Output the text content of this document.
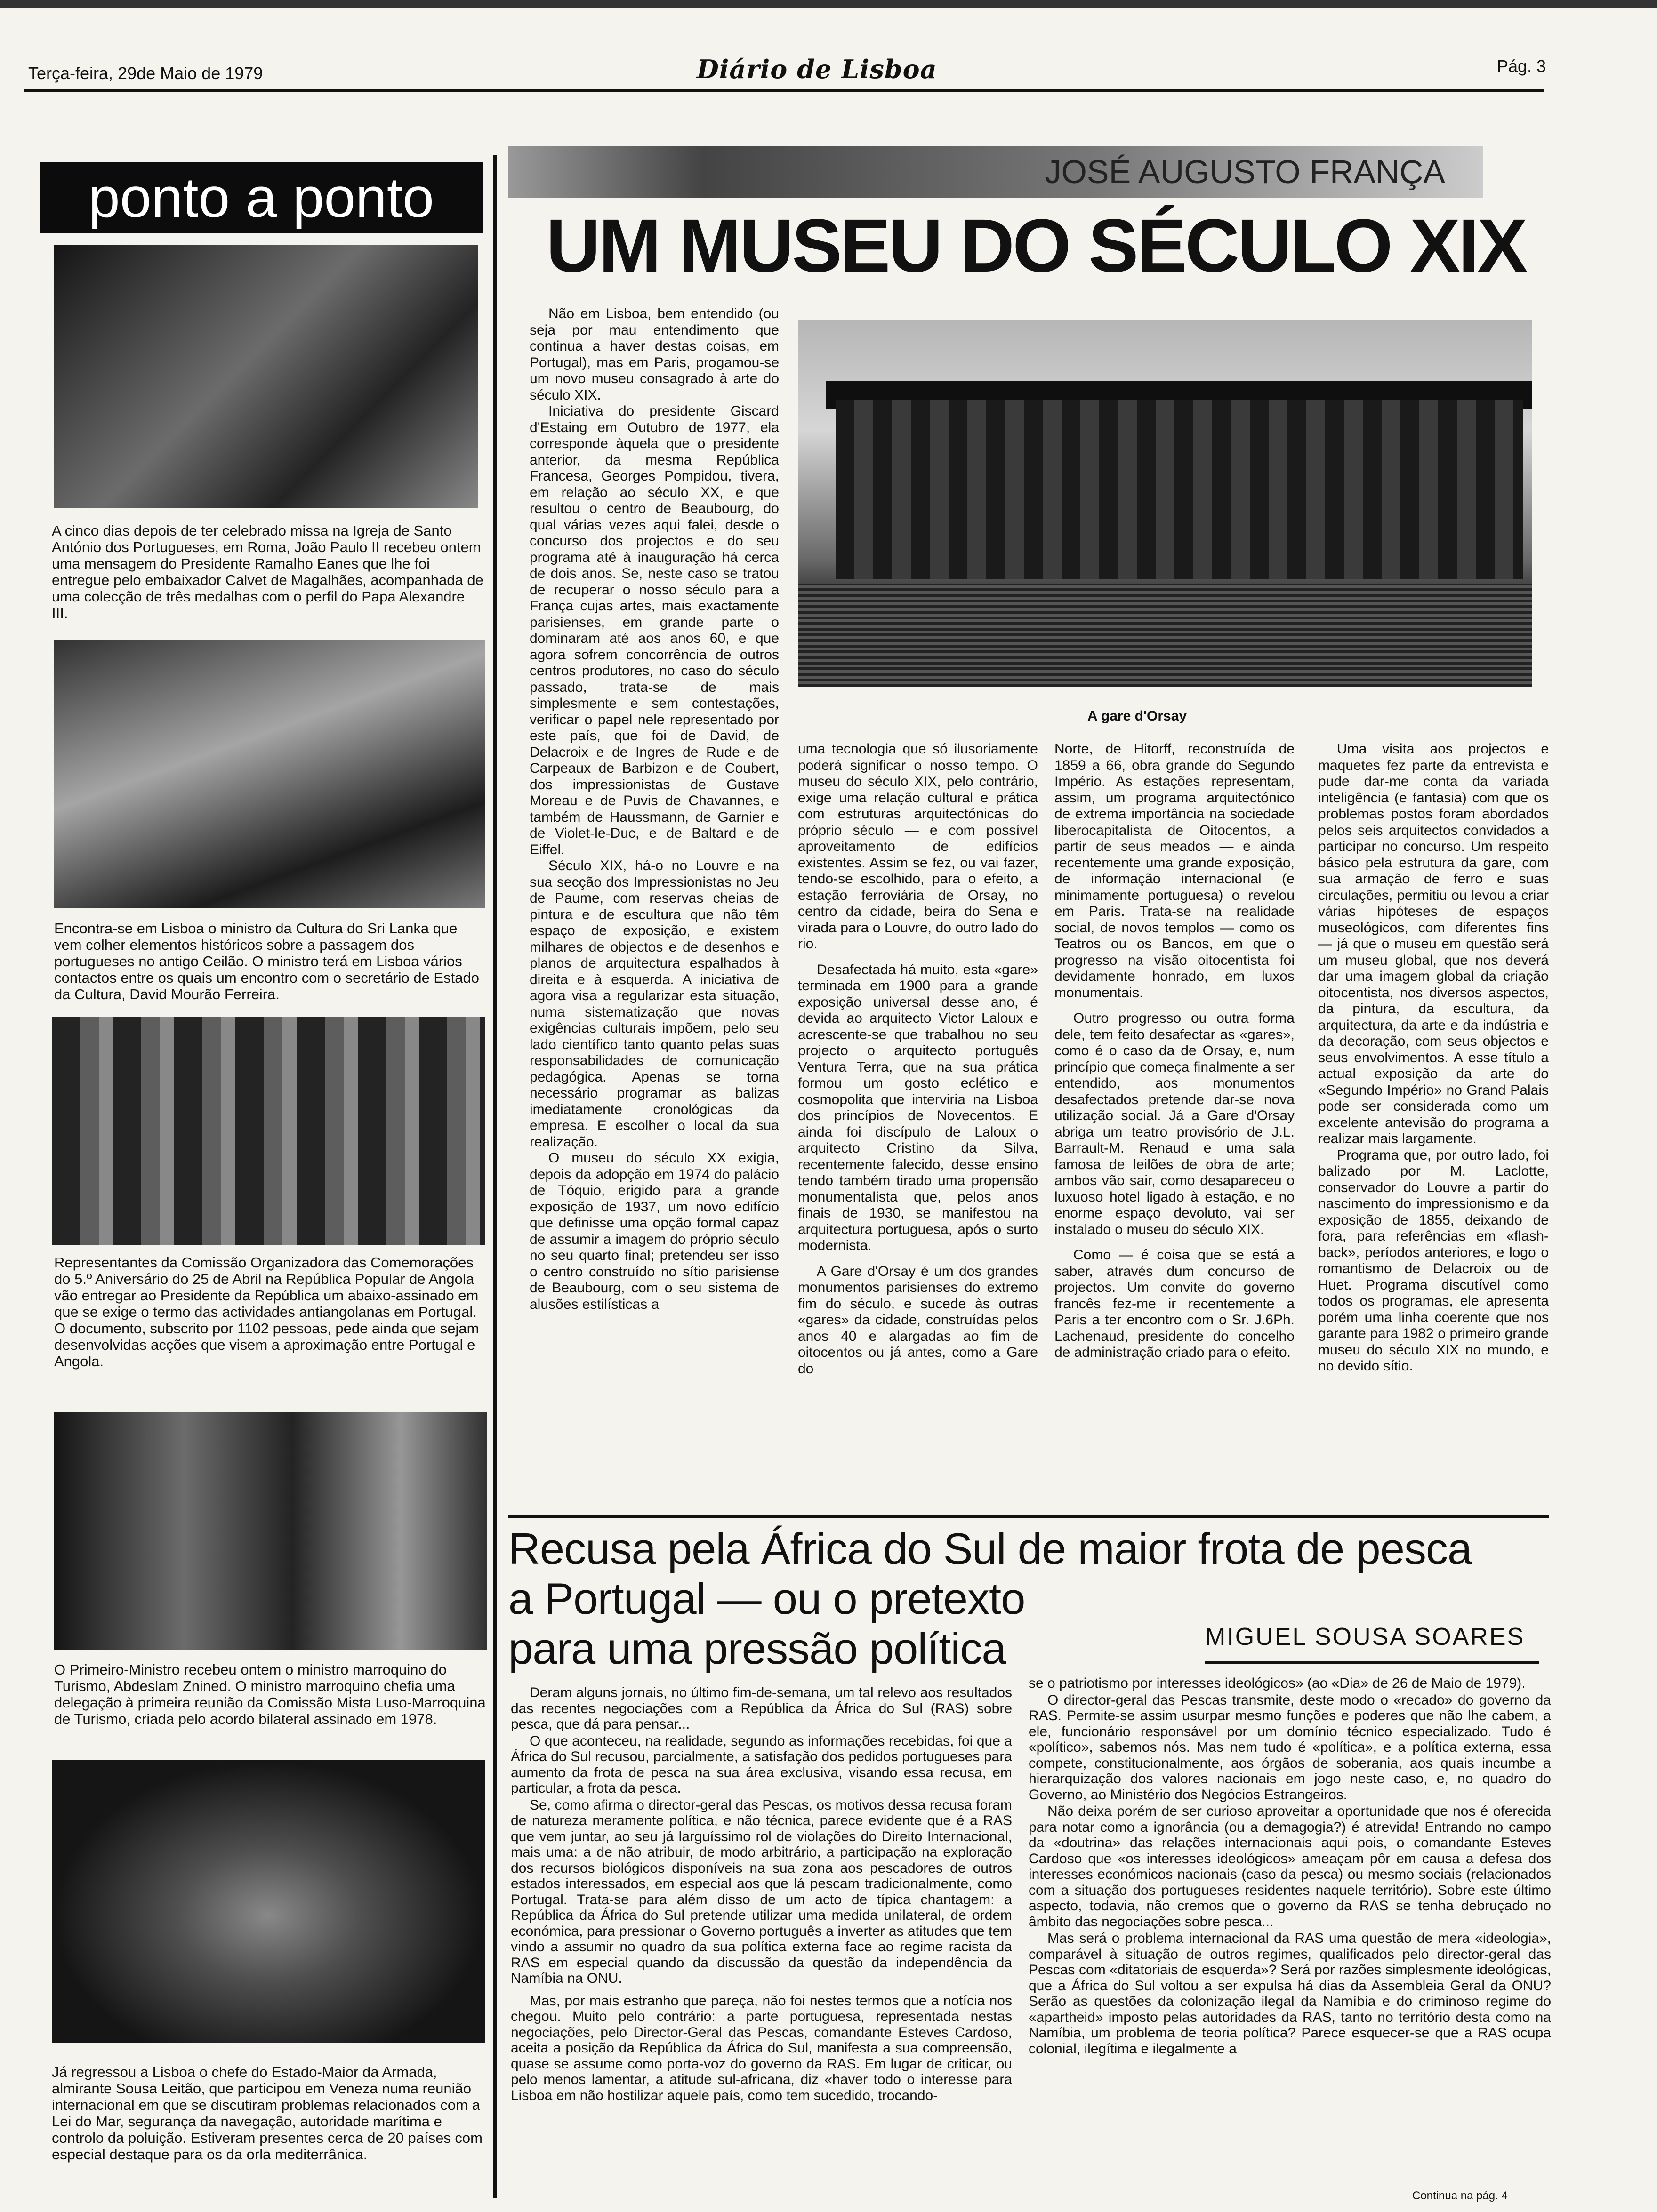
Terça-feira, 29de Maio de 1979	Diário de Lisboa	Pág. 3
ponto a ponto
A cinco dias depois de ter celebrado missa na Igreja de Santo António dos Portugueses, em Roma, João Paulo II recebeu ontem uma mensagem do Presidente Ramalho Eanes que lhe foi entregue pelo embaixador Calvet de Magalhães, acompanhada de uma colecção de três medalhas com o perfil do Papa Alexandre III.
Encontra-se em Lisboa o ministro da Cultura do Sri Lanka que vem colher elementos históricos sobre a passagem dos portugueses no antigo Ceilão. O ministro terá em Lisboa vários contactos entre os quais um encontro com o secretário de Estado da Cultura, David Mourão Ferreira.
Representantes da Comissão Organizadora das Comemorações do 5.º Aniversário do 25 de Abril na República Popular de Angola vão entregar ao Presidente da República um abaixo-assinado em que se exige o termo das actividades antiangolanas em Portugal. O documento, subscrito por 1102 pessoas, pede ainda que sejam desenvolvidas acções que visem a aproximação entre Portugal e Angola.
O Primeiro-Ministro recebeu ontem o ministro marroquino do Turismo, Abdeslam Znined. O ministro marroquino chefia uma delegação à primeira reunião da Comissão Mista Luso-Marroquina de Turismo, criada pelo acordo bilateral assinado em 1978.
Já regressou a Lisboa o chefe do Estado-Maior da Armada, almirante Sousa Leitão, que participou em Veneza numa reunião internacional em que se discutiram problemas relacionados com a Lei do Mar, segurança da navegação, autoridade marítima e controlo da poluição. Estiveram presentes cerca de 20 países com especial destaque para os da orla mediterrânica.
JOSÉ AUGUSTO FRANÇA
UM MUSEU DO SÉCULO XIX
A gare d'Orsay

Não em Lisboa, bem entendido (ou seja por mau entendimento que continua a haver destas coisas, em Portugal), mas em Paris, progamou-se um novo museu consagrado à arte do século XIX.

Iniciativa do presidente Giscard d'Estaing em Outubro de 1977, ela corresponde àquela que o presidente anterior, da mesma República Francesa, Georges Pompidou, tivera, em relação ao século XX, e que resultou o centro de Beaubourg, do qual várias vezes aqui falei, desde o concurso dos projectos e do seu programa até à inauguração há cerca de dois anos. Se, neste caso se tratou de recuperar o nosso século para a França cujas artes, mais exactamente parisienses, em grande parte o dominaram até aos anos 60, e que agora sofrem concorrência de outros centros produtores, no caso do século passado, trata-se de mais simplesmente e sem contestações, verificar o papel nele representado por este país, que foi de David, de Delacroix e de Ingres de Rude e de Carpeaux de Barbizon e de Coubert, dos impressionistas de Gustave Moreau e de Puvis de Chavannes, e também de Haussmann, de Garnier e de Violet-le-Duc, e de Baltard e de Eiffel.

Século XIX, há-o no Louvre e na sua secção dos Impressionistas no Jeu de Paume, com reservas cheias de pintura e de escultura que não têm espaço de exposição, e existem milhares de objectos e de desenhos e planos de arquitectura espalhados à direita e à esquerda. A iniciativa de agora visa a regularizar esta situação, numa sistematização que novas exigências culturais impõem, pelo seu lado científico tanto quanto pelas suas responsabilidades de comunicação pedagógica. Apenas se torna necessário programar as balizas imediatamente cronológicas da empresa. E escolher o local da sua realização.

O museu do século XX exigia, depois da adopção em 1974 do palácio de Tóquio, erigido para a grande exposição de 1937, um novo edifício que definisse uma opção formal capaz de assumir a imagem do próprio século no seu quarto final; pretendeu ser isso o centro construído no sítio parisiense de Beaubourg, com o seu sistema de alusões estilísticas a

uma tecnologia que só ilusoriamente poderá significar o nosso tempo. O museu do século XIX, pelo contrário, exige uma relação cultural e prática com estruturas arquitectónicas do próprio século — e com possível aproveitamento de edifícios existentes. Assim se fez, ou vai fazer, tendo-se escolhido, para o efeito, a estação ferroviária de Orsay, no centro da cidade, beira do Sena e virada para o Louvre, do outro lado do rio.

Desafectada há muito, esta «gare» terminada em 1900 para a grande exposição universal desse ano, é devida ao arquitecto Victor Laloux e acrescente-se que trabalhou no seu projecto o arquitecto português Ventura Terra, que na sua prática formou um gosto eclético e cosmopolita que interviria na Lisboa dos princípios de Novecentos. E ainda foi discípulo de Laloux o arquitecto Cristino da Silva, recentemente falecido, desse ensino tendo também tirado uma propensão monumentalista que, pelos anos finais de 1930, se manifestou na arquitectura portuguesa, após o surto modernista.

A Gare d'Orsay é um dos grandes monumentos parisienses do extremo fim do século, e sucede às outras «gares» da cidade, construídas pelos anos 40 e alargadas ao fim de oitocentos ou já antes, como a Gare do

Norte, de Hitorff, reconstruída de 1859 a 66, obra grande do Segundo Império. As estações representam, assim, um programa arquitectónico de extrema importância na sociedade liberocapitalista de Oitocentos, a partir de seus meados — e ainda recentemente uma grande exposição, de informação internacional (e minimamente portuguesa) o revelou em Paris. Trata-se na realidade social, de novos templos — como os Teatros ou os Bancos, em que o progresso na visão oitocentista foi devidamente honrado, em luxos monumentais.

Outro progresso ou outra forma dele, tem feito desafectar as «gares», como é o caso da de Orsay, e, num princípio que começa finalmente a ser entendido, aos monumentos desafectados pretende dar-se nova utilização social. Já a Gare d'Orsay abriga um teatro provisório de J.L. Barrault-M. Renaud e uma sala famosa de leilões de obra de arte; ambos vão sair, como desapareceu o luxuoso hotel ligado à estação, e no enorme espaço devoluto, vai ser instalado o museu do século XIX.

Como — é coisa que se está a saber, através dum concurso de projectos. Um convite do governo francês fez-me ir recentemente a Paris a ter encontro com o Sr. J.6Ph. Lachenaud, presidente do concelho de administração criado para o efeito.

Uma visita aos projectos e maquetes fez parte da entrevista e pude dar-me conta da variada inteligência (e fantasia) com que os problemas postos foram abordados pelos seis arquitectos convidados a participar no concurso. Um respeito básico pela estrutura da gare, com sua armação de ferro e suas circulações, permitiu ou levou a criar várias hipóteses de espaços museológicos, com diferentes fins — já que o museu em questão será um museu global, que nos deverá dar uma imagem global da criação oitocentista, nos diversos aspectos, da pintura, da escultura, da arquitectura, da arte e da indústria e da decoração, com seus objectos e seus envolvimentos. A esse título a actual exposição da arte do «Segundo Império» no Grand Palais pode ser considerada como um excelente antevisão do programa a realizar mais largamente.

Programa que, por outro lado, foi balizado por M. Laclotte, conservador do Louvre a partir do nascimento do impressionismo e da exposição de 1855, deixando de fora, para referências em «flash-back», períodos anteriores, e logo o romantismo de Delacroix ou de Huet. Programa discutível como todos os programas, ele apresenta porém uma linha coerente que nos garante para 1982 o primeiro grande museu do século XIX no mundo, e no devido sítio.

Recusa pela África do Sul de maior frota de pesca
a Portugal — ou o pretexto
para uma pressão política	MIGUEL SOUSA SOARES

Deram alguns jornais, no último fim-de-semana, um tal relevo aos resultados das recentes negociações com a República da África do Sul (RAS) sobre pesca, que dá para pensar...

O que aconteceu, na realidade, segundo as informações recebidas, foi que a África do Sul recusou, parcialmente, a satisfação dos pedidos portugueses para aumento da frota de pesca na sua área exclusiva, visando essa recusa, em particular, a frota da pesca.

Se, como afirma o director-geral das Pescas, os motivos dessa recusa foram de natureza meramente política, e não técnica, parece evidente que é a RAS que vem juntar, ao seu já larguíssimo rol de violações do Direito Internacional, mais uma: a de não atribuir, de modo arbitrário, a participação na exploração dos recursos biológicos disponíveis na sua zona aos pescadores de outros estados interessados, em especial aos que lá pescam tradicionalmente, como Portugal. Trata-se para além disso de um acto de típica chantagem: a República da África do Sul pretende utilizar uma medida unilateral, de ordem económica, para pressionar o Governo português a inverter as atitudes que tem vindo a assumir no quadro da sua política externa face ao regime racista da RAS em especial quando da discussão da questão da independência da Namíbia na ONU.

Mas, por mais estranho que pareça, não foi nestes termos que a notícia nos chegou. Muito pelo contrário: a parte portuguesa, representada nestas negociações, pelo Director-Geral das Pescas, comandante Esteves Cardoso, aceita a posição da República da África do Sul, manifesta a sua compreensão, quase se assume como porta-voz do governo da RAS. Em lugar de criticar, ou pelo menos lamentar, a atitude sul-africana, diz «haver todo o interesse para Lisboa em não hostilizar aquele país, como tem sucedido, trocando-

se o patriotismo por interesses ideológicos» (ao «Dia» de 26 de Maio de 1979).

O director-geral das Pescas transmite, deste modo o «recado» do governo da RAS. Permite-se assim usurpar mesmo funções e poderes que não lhe cabem, a ele, funcionário responsável por um domínio técnico especializado. Tudo é «político», sabemos nós. Mas nem tudo é «política», e a política externa, essa compete, constitucionalmente, aos órgãos de soberania, aos quais incumbe a hierarquização dos valores nacionais em jogo neste caso, e, no quadro do Governo, ao Ministério dos Negócios Estrangeiros.

Não deixa porém de ser curioso aproveitar a oportunidade que nos é oferecida para notar como a ignorância (ou a demagogia?) é atrevida! Entrando no campo da «doutrina» das relações internacionais aqui pois, o comandante Esteves Cardoso que «os interesses ideológicos» ameaçam pôr em causa a defesa dos interesses económicos nacionais (caso da pesca) ou mesmo sociais (relacionados com a situação dos portugueses residentes naquele território). Sobre este último aspecto, todavia, não cremos que o governo da RAS se tenha debruçado no âmbito das negociações sobre pesca...

Mas será o problema internacional da RAS uma questão de mera «ideologia», comparável à situação de outros regimes, qualificados pelo director-geral das Pescas com «ditatoriais de esquerda»? Será por razões simplesmente ideológicas, que a África do Sul voltou a ser expulsa há dias da Assembleia Geral da ONU? Serão as questões da colonização ilegal da Namíbia e do criminoso regime do «apartheid» imposto pelas autoridades da RAS, tanto no território desta como na Namíbia, um problema de teoria política? Parece esquecer-se que a RAS ocupa colonial, ilegítima e ilegalmente a

Continua na pág. 4
